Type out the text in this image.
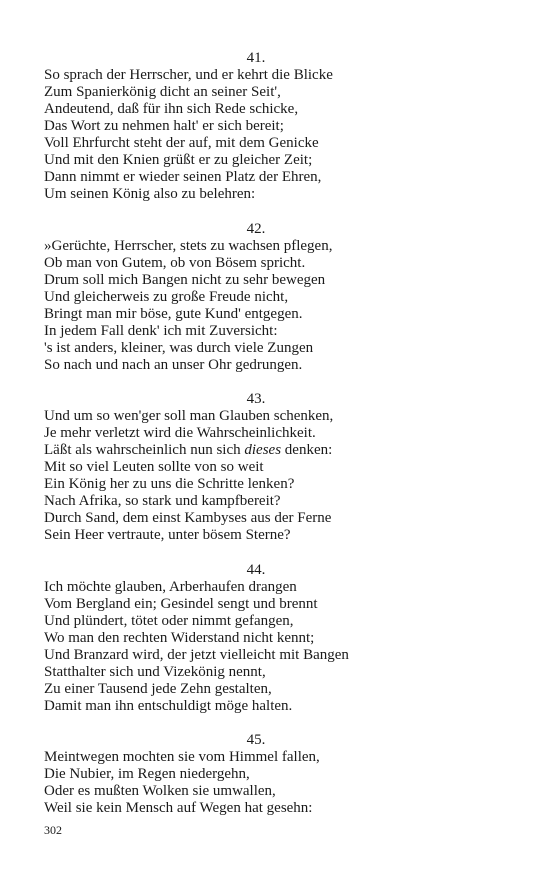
41.
So sprach der Herrscher, und er kehrt die Blicke
Zum Spanierkönig dicht an seiner Seit',
Andeutend, daß für ihn sich Rede schicke,
Das Wort zu nehmen halt' er sich bereit;
Voll Ehrfurcht steht der auf, mit dem Genicke
Und mit den Knien grüßt er zu gleicher Zeit;
Dann nimmt er wieder seinen Platz der Ehren,
Um seinen König also zu belehren:
42.
»Gerüchte, Herrscher, stets zu wachsen pflegen,
Ob man von Gutem, ob von Bösem spricht.
Drum soll mich Bangen nicht zu sehr bewegen
Und gleicherweis zu große Freude nicht,
Bringt man mir böse, gute Kund' entgegen.
In jedem Fall denk' ich mit Zuversicht:
's ist anders, kleiner, was durch viele Zungen
So nach und nach an unser Ohr gedrungen.
43.
Und um so wen'ger soll man Glauben schenken,
Je mehr verletzt wird die Wahrscheinlichkeit.
Läßt als wahrscheinlich nun sich dieses denken:
Mit so viel Leuten sollte von so weit
Ein König her zu uns die Schritte lenken?
Nach Afrika, so stark und kampfbereit?
Durch Sand, dem einst Kambyses aus der Ferne
Sein Heer vertraute, unter bösem Sterne?
44.
Ich möchte glauben, Arberhaufen drangen
Vom Bergland ein; Gesindel sengt und brennt
Und plündert, tötet oder nimmt gefangen,
Wo man den rechten Widerstand nicht kennt;
Und Branzard wird, der jetzt vielleicht mit Bangen
Statthalter sich und Vizekönig nennt,
Zu einer Tausend jede Zehn gestalten,
Damit man ihn entschuldigt möge halten.
45.
Meintwegen mochten sie vom Himmel fallen,
Die Nubier, im Regen niedergehn,
Oder es mußten Wolken sie umwallen,
Weil sie kein Mensch auf Wegen hat gesehn:
302
